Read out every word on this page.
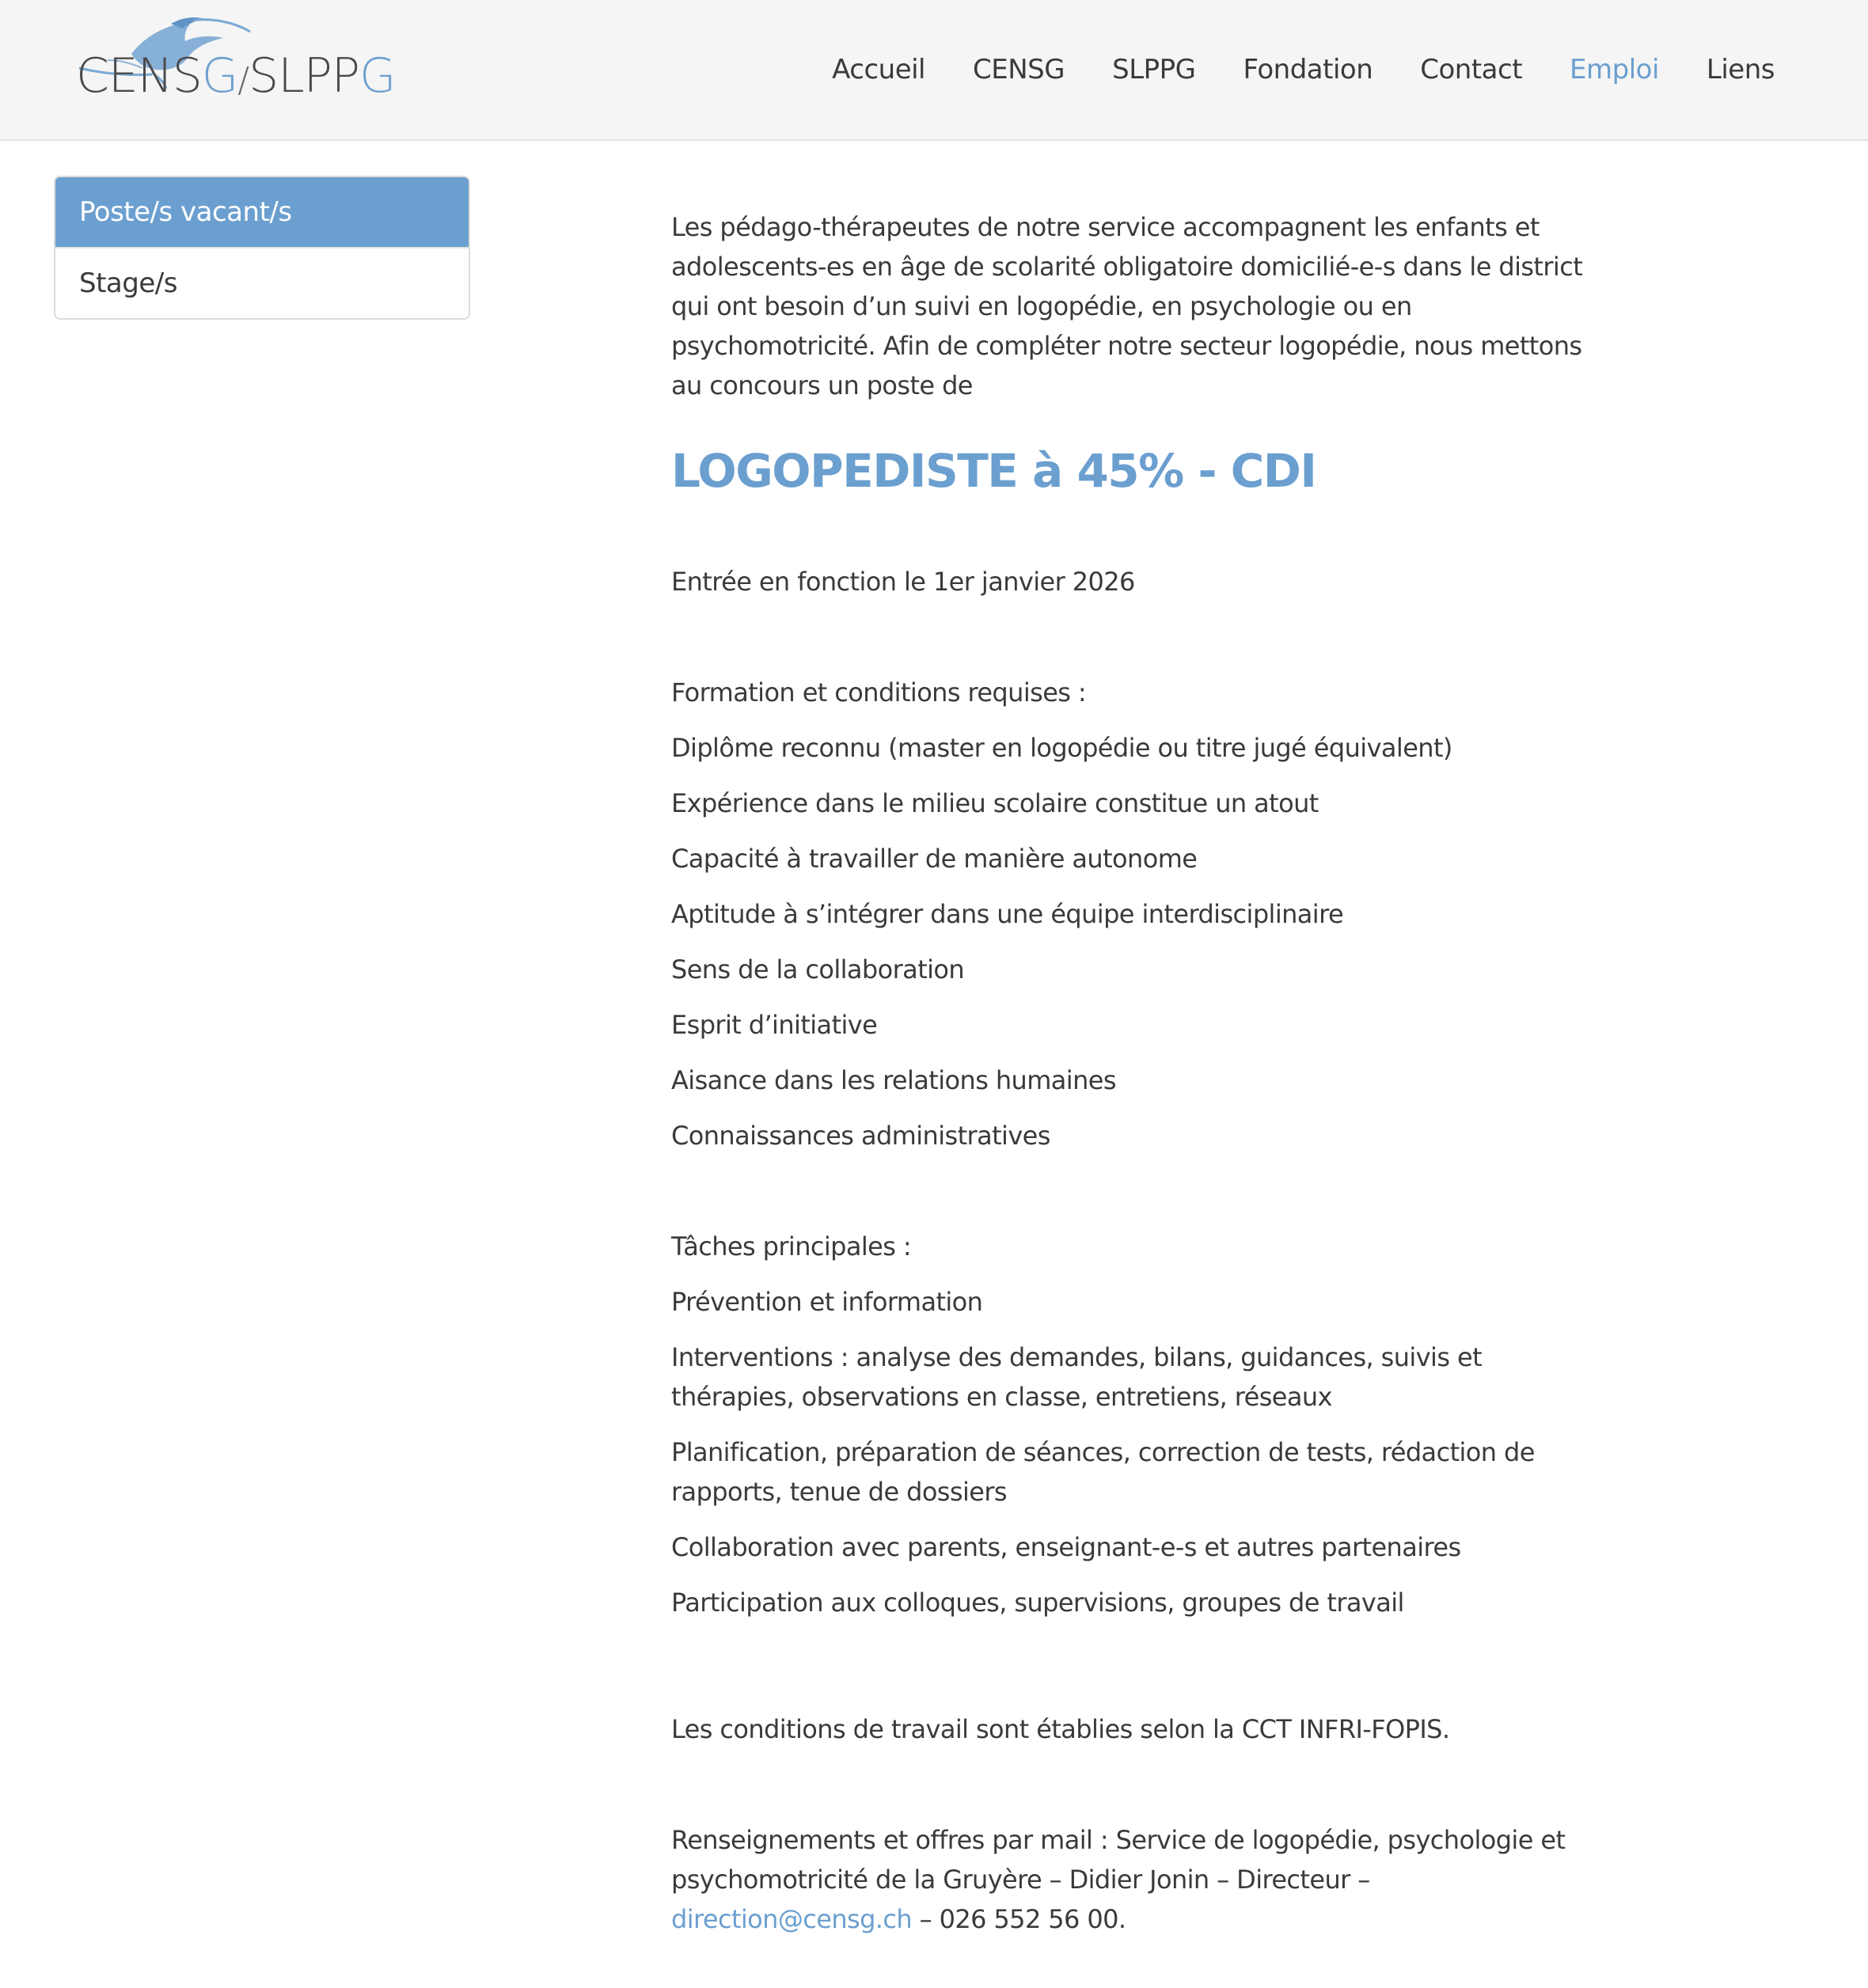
CENSG/SLPPG	Accueil CENSG SLPPG Fondation Contact Emploi Liens
Poste/s vacant/s
Stage/s

Les pédago-thérapeutes de notre service accompagnent les enfants et adolescents-es en âge de scolarité obligatoire domicilié-e-s dans le district qui ont besoin d’un suivi en logopédie, en psychologie ou en psychomotricité. Afin de compléter notre secteur logopédie, nous mettons au concours un poste de

LOGOPEDISTE à 45% - CDI

Entrée en fonction le 1er janvier 2026

Formation et conditions requises :

Diplôme reconnu (master en logopédie ou titre jugé équivalent)

Expérience dans le milieu scolaire constitue un atout

Capacité à travailler de manière autonome

Aptitude à s’intégrer dans une équipe interdisciplinaire

Sens de la collaboration

Esprit d’initiative

Aisance dans les relations humaines

Connaissances administratives

Tâches principales :

Prévention et information

Interventions : analyse des demandes, bilans, guidances, suivis et thérapies, observations en classe, entretiens, réseaux

Planification, préparation de séances, correction de tests, rédaction de rapports, tenue de dossiers

Collaboration avec parents, enseignant-e-s et autres partenaires

Participation aux colloques, supervisions, groupes de travail

Les conditions de travail sont établies selon la CCT INFRI-FOPIS.

Renseignements et offres par mail : Service de logopédie, psychologie et psychomotricité de la Gruyère – Didier Jonin – Directeur – direction@censg.ch – 026 552 56 00.
